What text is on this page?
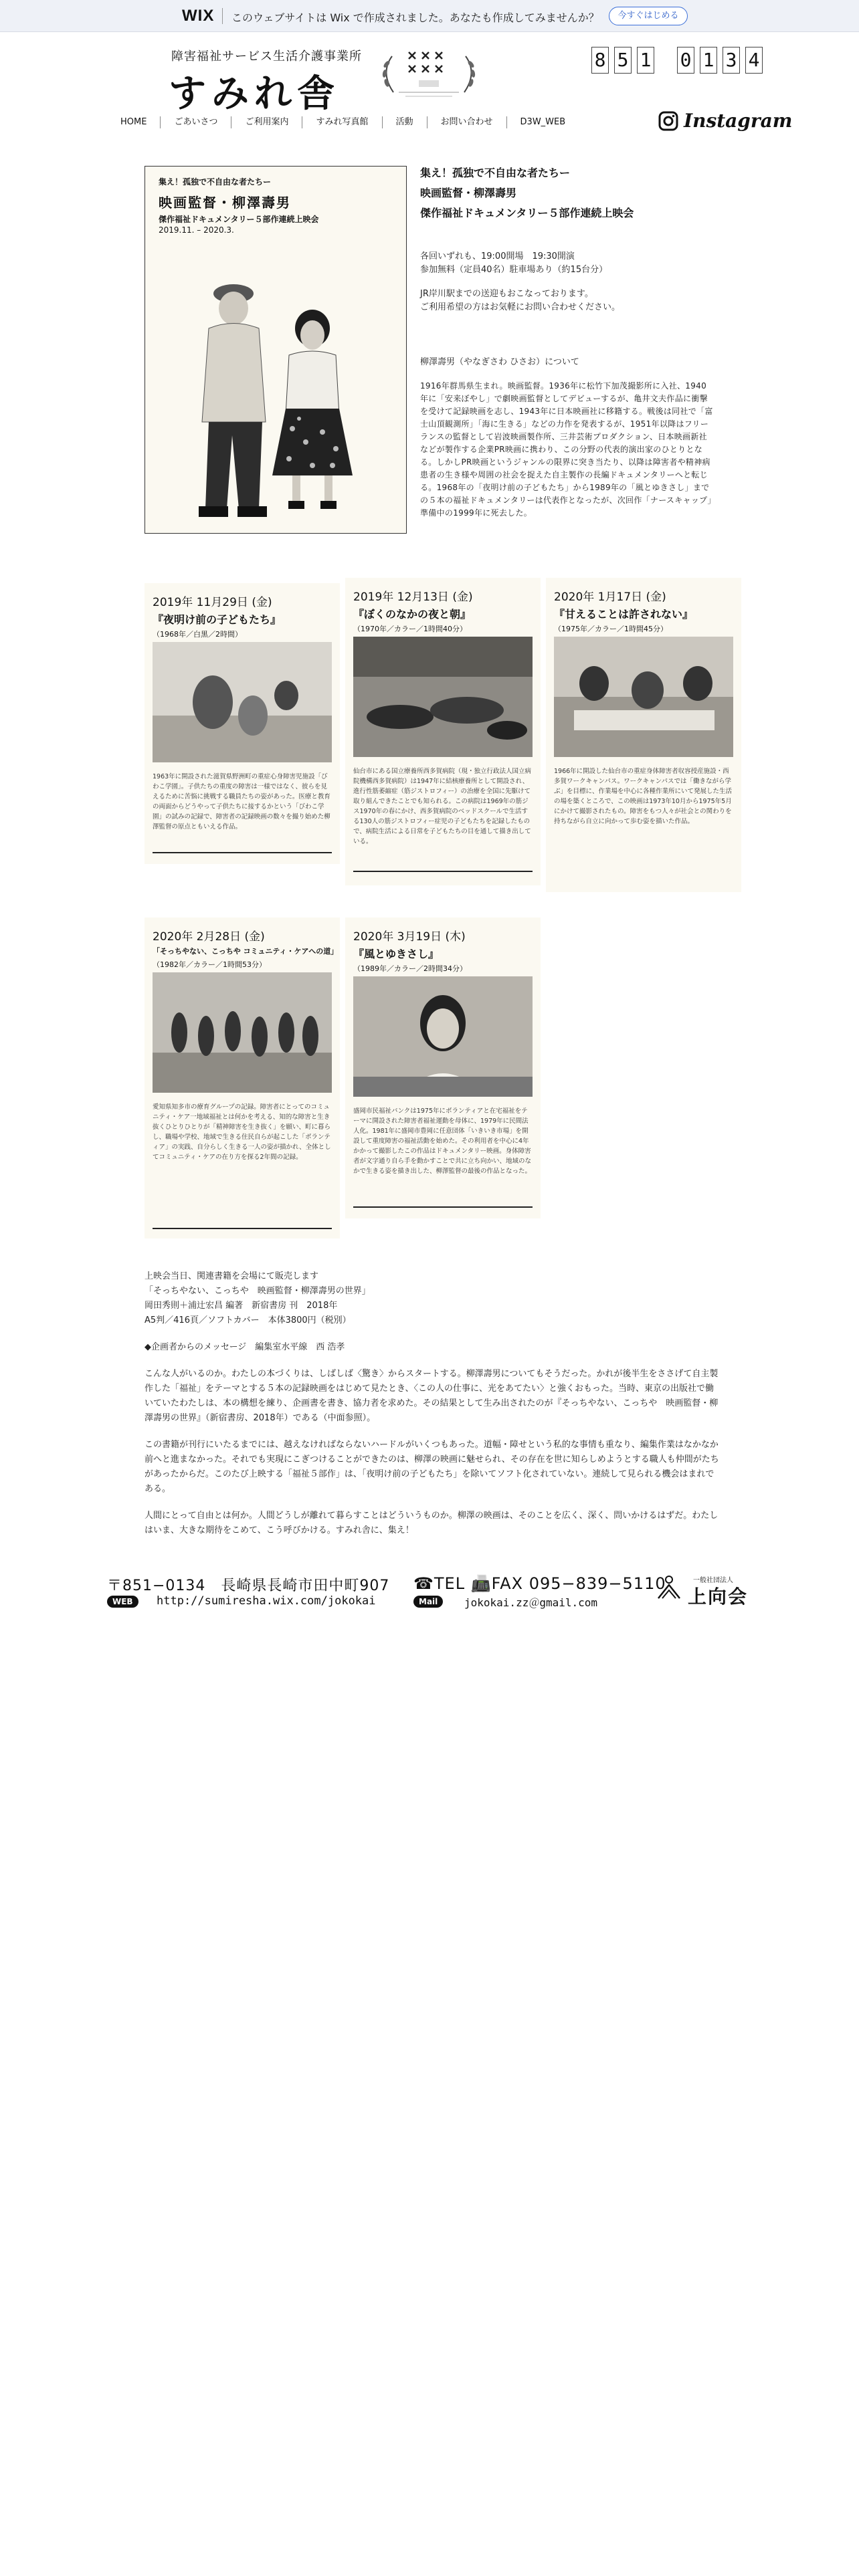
WIX このウェブサイトは Wix で作成されました。あなたも作成してみませんか？	今すぐはじめる
障害福祉サービス生活介護事業所
すみれ舎
8 5 1 0 1 3 4
HOME	ごあいさつ	ご利用案内	すみれ写真館	活動	お問い合わせ	D3W_WEB	Instagram
集え！孤独で不自由な者たちー
映画監督・柳澤壽男
傑作福祉ドキュメンタリー５部作連続上映会
2019.11. – 2020.3.
集え！孤独で不自由な者たちー
映画監督・柳澤壽男
傑作福祉ドキュメンタリー５部作連続上映会

各回いずれも、19:00開場　19:30開演
参加無料（定員40名）駐車場あり（約15台分）

JR岸川駅までの送迎もおこなっております。
ご利用希望の方はお気軽にお問い合わせください。

柳澤壽男（やなぎさわ ひさお）について

1916年群馬県生まれ。映画監督。1936年に松竹下加茂撮影所に入社、1940年に「安来ぼやし」で劇映画監督としてデビューするが、亀井文夫作品に衝撃を受けて記録映画を志し、1943年に日本映画社に移籍する。戦後は同社で「富士山頂観測所」「海に生きる」などの力作を発表するが、1951年以降はフリーランスの監督として岩波映画製作所、三井芸術プロダクション、日本映画新社などが製作する企業PR映画に携わり、この分野の代表的演出家のひとりとなる。しかしPR映画というジャンルの限界に突き当たり、以降は障害者や精神病患者の生き様や周囲の社会を捉えた自主製作の長編ドキュメンタリーへと転じる。1968年の「夜明け前の子どもたち」から1989年の「風とゆきさし」までの５本の福祉ドキュメンタリーは代表作となったが、次回作「ナースキャップ」準備中の1999年に死去した。

2019年 11月29日 (金)
『夜明け前の子どもたち』
（1968年／白黒／2時間）
1963年に開設された滋賀県野洲町の重症心身障害児施設「びわこ学園」。子供たちの重度の障害は一様ではなく、彼らを見えるために苦悩に挑戦する職員たちの姿があった。医療と教育の両面からどうやって子供たちに接するかという「びわこ学園」の試みの記録で、障害者の記録映画の数々を撮り始めた柳澤監督の原点ともいえる作品。
2019年 12月13日 (金)
『ぼくのなかの夜と朝』
（1970年／カラー／1時間40分）
仙台市にある国立療養所西多賀病院（現・独立行政法人国立病院機構西多賀病院）は1947年に結核療養所として開設され、進行性筋萎縮症（筋ジストロフィー）の治療を全国に先駆けて取り組んできたことでも知られる。この病院は1969年の筋ジス1970年の春にかけ、西多賀病院のベッドスクールで生活する130人の筋ジストロフィー症児の子どもたちを記録したもので、病院生活による日常を子どもたちの目を通して描き出している。
2020年 1月17日 (金)
『甘えることは許されない』
（1975年／カラー／1時間45分）
1966年に開設した仙台市の重症身体障害者収容授産施設・西多賀ワークキャンパス。ワークキャンパスでは「働きながら学ぶ」を目標に、作業場を中心に各種作業所にいて発展した生活の場を築くところで、この映画は1973年10月から1975年5月にかけて撮影されたもの。障害をもつ人々が社会との関わりを持ちながら自立に向かって歩む姿を描いた作品。
2020年 2月28日 (金)
「そっちやない、こっちや コミュニティ・ケアへの道」
（1982年／カラー／1時間53分）
愛知県知多市の療育グループの記録。障害者にとってのコミュニティ・ケア一地域福祉とは何かを考える、知的な障害と生き抜くひとりひとりが「精神障害を生き抜く」を願い、町に暮らし、職場や学校、地域で生きる住民自らが起こした「ボランティア」の実践、自分らしく生きる一人の姿が描かれ、全体としてコミュニティ・ケアの在り方を探る2年間の記録。
2020年 3月19日 (木)
『風とゆきさし』
（1989年／カラー／2時間34分）
盛岡市民福祉バンクは1975年にボランティアと在宅福祉をテーマに開設された障害者福祉運動を母体に、1979年に民間法人化。1981年に盛岡市豊岡に任意団体「いきいき市場」を開設して重度障害の福祉活動を始めた。その利用者を中心に4年かかって撮影したこの作品はドキュメンタリー映画。身体障害者が文字通り自ら手を動かすことで共に立ち向かい、地域のなかで生きる姿を描き出した、柳澤監督の最後の作品となった。

上映会当日、関連書籍を会場にて販売します

「そっちやない、こっちや　映画監督・柳澤壽男の世界」

岡田秀則＋浦辻宏昌 編著　新宿書房 刊　2018年

A5判／416頁／ソフトカバー　本体3800円（税別）

◆企画者からのメッセージ　編集室水平線　西 浩孝

こんな人がいるのか。わたしの本づくりは、しばしば〈驚き〉からスタートする。柳澤壽男についてもそうだった。かれが後半生をささげて自主製作した「福祉」をテーマとする５本の記録映画をはじめて見たとき、〈この人の仕事に、光をあてたい〉と強くおもった。当時、東京の出版社で働いていたわたしは、本の構想を練り、企画書を書き、協力者を求めた。その結果として生み出されたのが『そっちやない、こっちや　映画監督・柳澤壽男の世界』（新宿書房、2018年）である（中面参照）。

この書籍が刊行にいたるまでには、越えなければならないハードルがいくつもあった。道幅・障せという私的な事情も重なり、編集作業はなかなか前へと進まなかった。それでも実現にこぎつけることができたのは、柳澤の映画に魅せられ、その存在を世に知らしめようとする職人も仲間がたちがあったからだ。このたび上映する「福祉５部作」は、「夜明け前の子どもたち」を除いてソフト化されていない。連続して見られる機会はまれである。

人間にとって自由とは何か。人間どうしが離れて暮らすことはどういうものか。柳澤の映画は、そのことを広く、深く、問いかけるはずだ。わたしはいま、大きな期待をこめて、こう呼びかける。すみれ舎に、集え！

〒851−0134　長崎県長崎市田中町907
WEB	http://sumiresha.wix.com/jokokai
☎TEL 📠FAX 095−839−5110
Mail	jokokai.zz＠gmail.com
一般社団法人
上向会
